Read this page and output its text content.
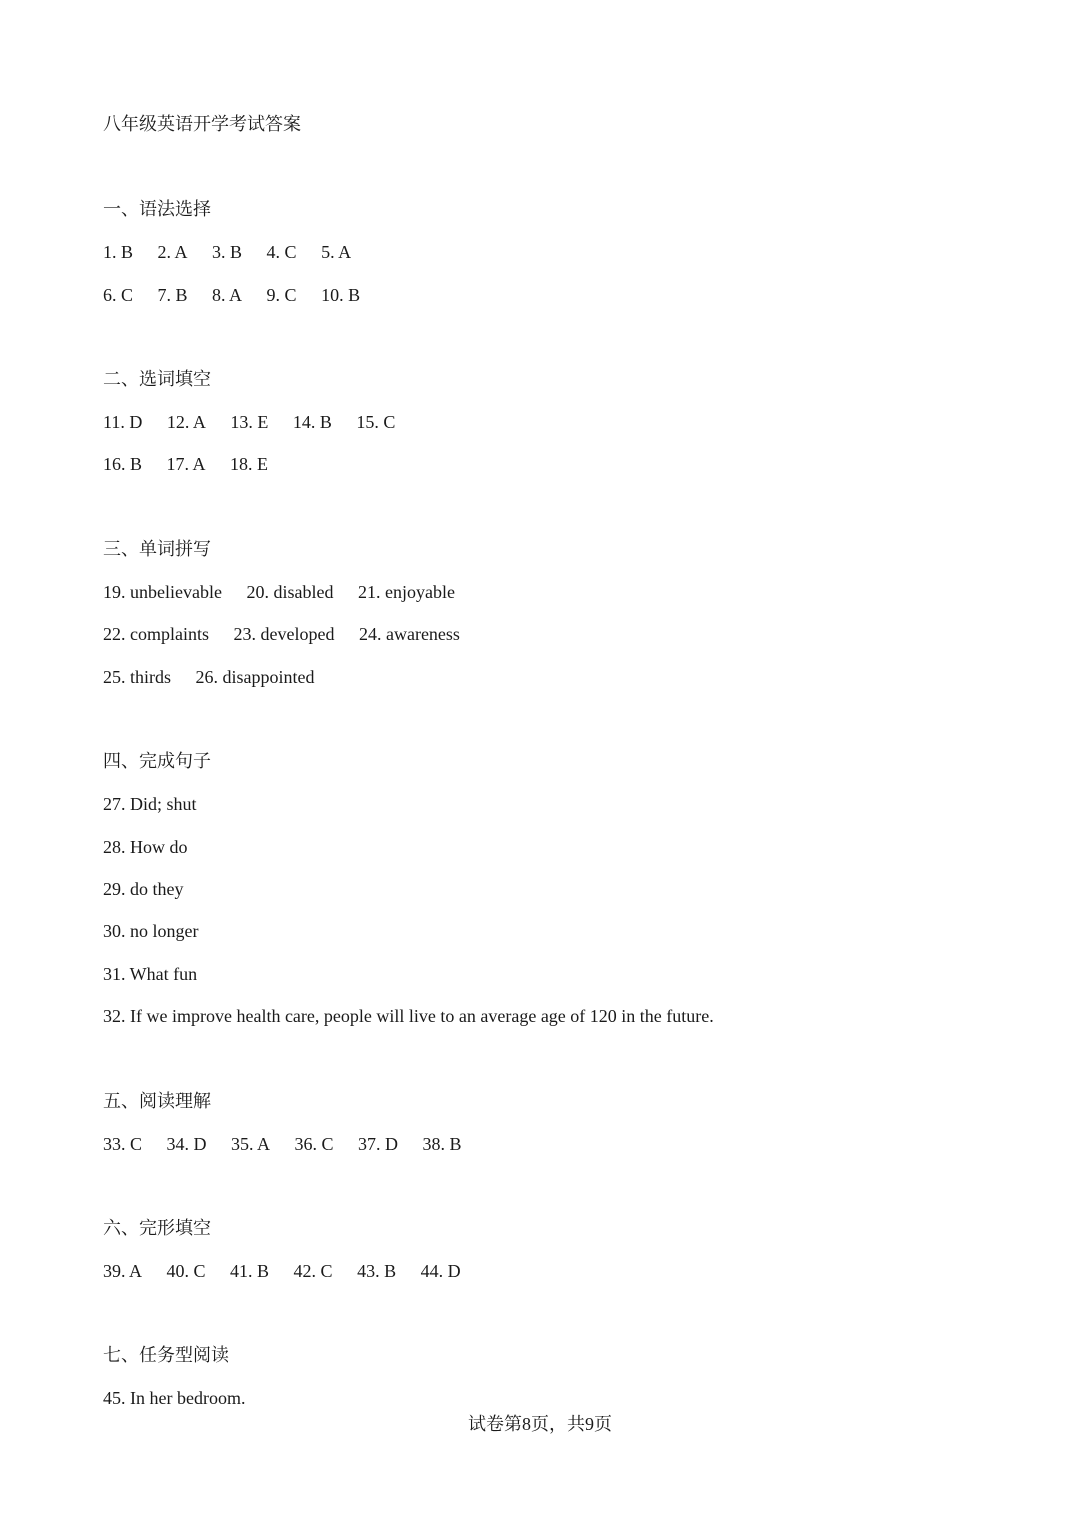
八年级英语开学考试答案
一、语法选择
1. B 2. A 3. B 4. C 5. A
6. C 7. B 8. A 9. C 10. B
二、选词填空
11. D 12. A 13. E 14. B 15. C
16. B 17. A 18. E
三、单词拼写
19. unbelievable 20. disabled 21. enjoyable
22. complaints 23. developed 24. awareness
25. thirds 26. disappointed
四、完成句子
27. Did; shut
28. How do
29. do they
30. no longer
31. What fun
32. If we improve health care, people will live to an average age of 120 in the future.
五、阅读理解
33. C 34. D 35. A 36. C 37. D 38. B
六、完形填空
39. A 40. C 41. B 42. C 43. B 44. D
七、任务型阅读
45. In her bedroom.
试卷第8页，共9页
